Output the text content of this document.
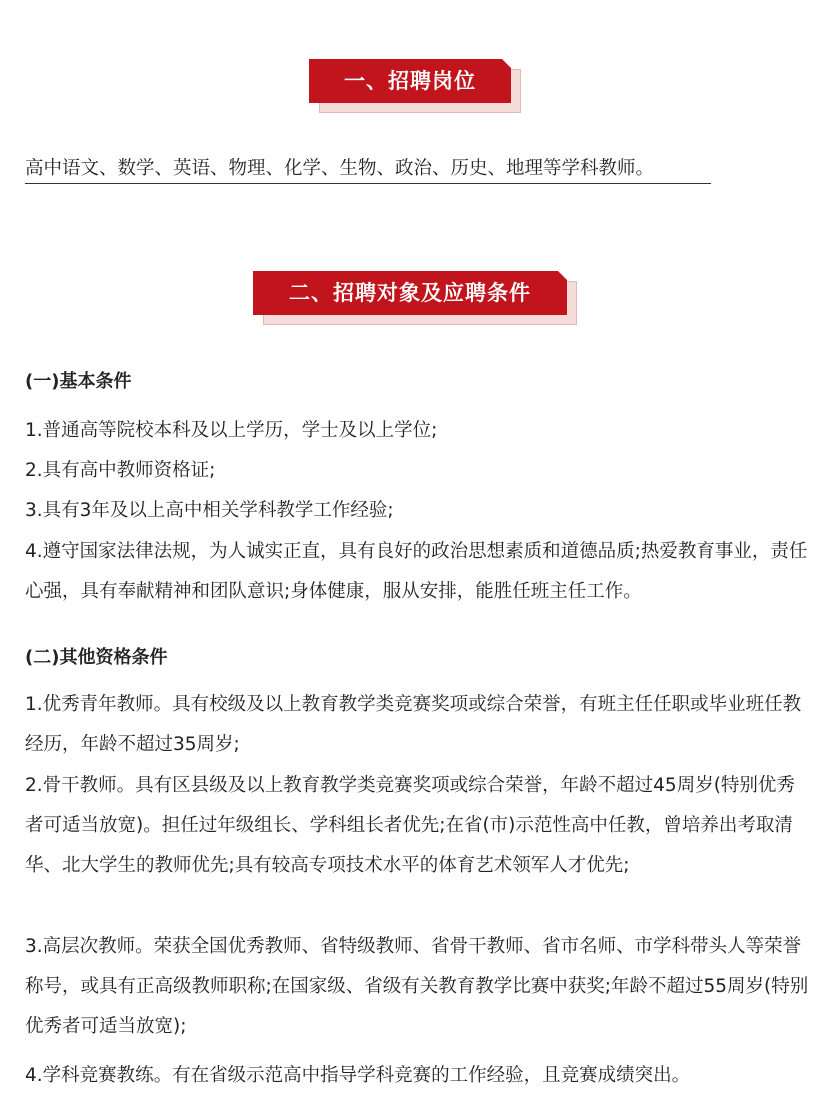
一、招聘岗位
高中语文、数学、英语、物理、化学、生物、政治、历史、地理等学科教师。
二、招聘对象及应聘条件
(一)基本条件
1.普通高等院校本科及以上学历，学士及以上学位;
2.具有高中教师资格证;
3.具有3年及以上高中相关学科教学工作经验;
4.遵守国家法律法规，为人诚实正直，具有良好的政治思想素质和道德品质;热爱教育事业，责任心强，具有奉献精神和团队意识;身体健康，服从安排，能胜任班主任工作。
(二)其他资格条件
1.优秀青年教师。具有校级及以上教育教学类竞赛奖项或综合荣誉，有班主任任职或毕业班任教经历，年龄不超过35周岁;
2.骨干教师。具有区县级及以上教育教学类竞赛奖项或综合荣誉，年龄不超过45周岁(特别优秀者可适当放宽)。担任过年级组长、学科组长者优先;在省(市)示范性高中任教，曾培养出考取清华、北大学生的教师优先;具有较高专项技术水平的体育艺术领军人才优先;
3.高层次教师。荣获全国优秀教师、省特级教师、省骨干教师、省市名师、市学科带头人等荣誉称号，或具有正高级教师职称;在国家级、省级有关教育教学比赛中获奖;年龄不超过55周岁(特别优秀者可适当放宽);
4.学科竞赛教练。有在省级示范高中指导学科竞赛的工作经验，且竞赛成绩突出。
